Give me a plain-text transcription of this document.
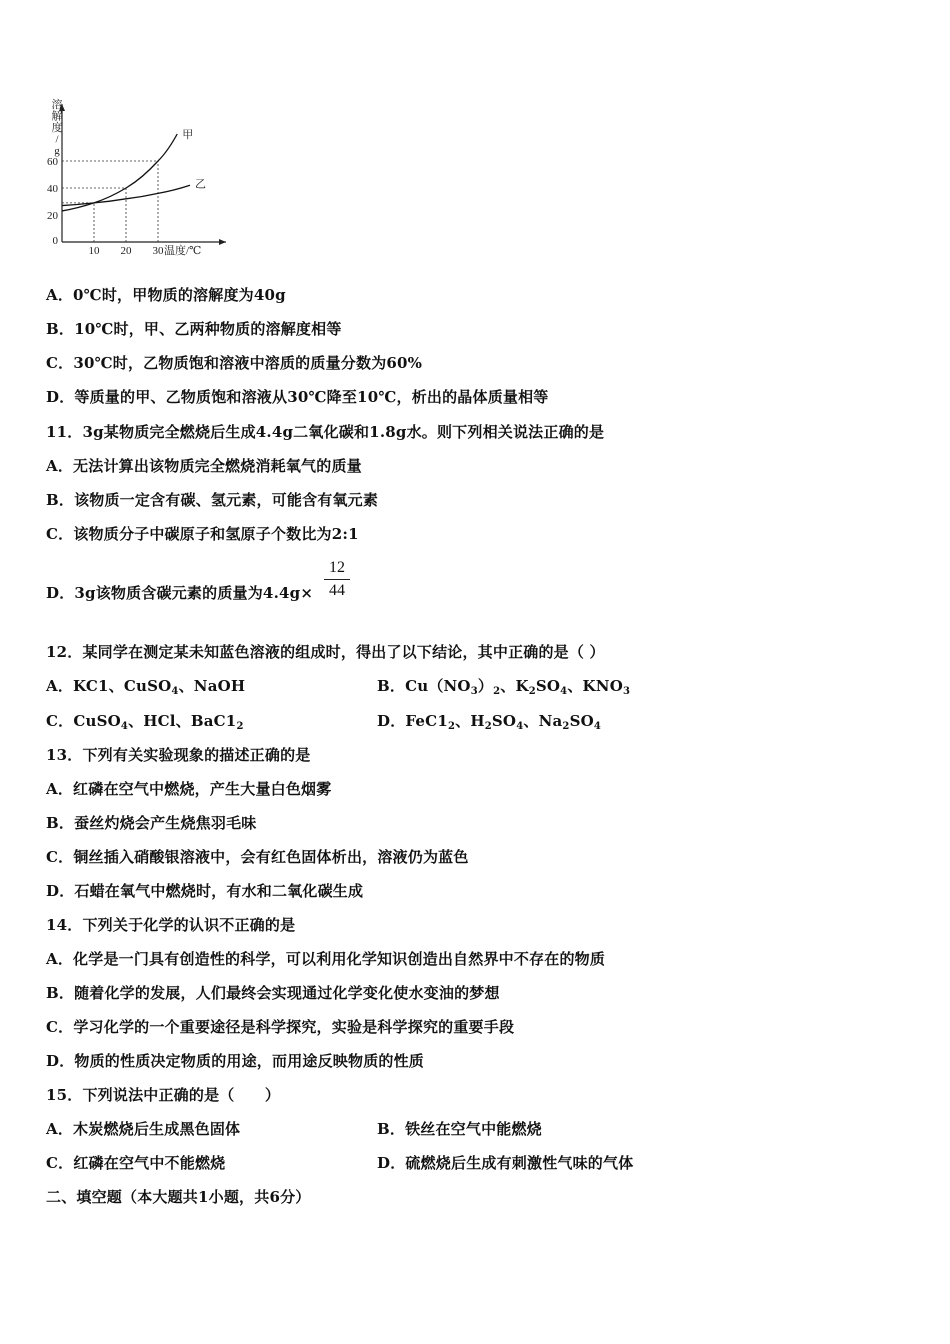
溶
解
度
/
g
20
40
60
0
10 20 30 温度/℃
甲
乙
A．0℃时，甲物质的溶解度为40g
B．10℃时，甲、乙两种物质的溶解度相等
C．30℃时，乙物质饱和溶液中溶质的质量分数为60%
D．等质量的甲、乙物质饱和溶液从30℃降至10℃，析出的晶体质量相等
11．3g某物质完全燃烧后生成4.4g二氧化碳和1.8g水。则下列相关说法正确的是
A．无法计算出该物质完全燃烧消耗氧气的质量
B．该物质一定含有碳、氢元素，可能含有氧元素
C．该物质分子中碳原子和氢原子个数比为2:1
D．3g该物质含碳元素的质量为4.4g×
12
44
12．某同学在测定某未知蓝色溶液的组成时，得出了以下结论，其中正确的是（ ）
A．KC1、CuSO$_4$、NaOH	B．$Cu(NO_3)_2$、$K_2SO_4$、$KNO_3$
C．CuSO$_4$、HCl、$BaC1_2$	D．$FeC1_2$、$H_2SO_4$、$Na_2SO_4$
13．下列有关实验现象的描述正确的是
A．红磷在空气中燃烧，产生大量白色烟雾
B．蚕丝灼烧会产生烧焦羽毛味
C．铜丝插入硝酸银溶液中，会有红色固体析出，溶液仍为蓝色
D．石蜡在氧气中燃烧时，有水和二氧化碳生成
14．下列关于化学的认识不正确的是
A．化学是一门具有创造性的科学，可以利用化学知识创造出自然界中不存在的物质
B．随着化学的发展，人们最终会实现通过化学变化使水变油的梦想
C．学习化学的一个重要途径是科学探究，实验是科学探究的重要手段
D．物质的性质决定物质的用途，而用途反映物质的性质
15．下列说法中正确的是（　　）
A．木炭燃烧后生成黑色固体	B．铁丝在空气中能燃烧
C．红磷在空气中不能燃烧	D．硫燃烧后生成有刺激性气味的气体
二、填空题（本大题共1小题，共6分）
